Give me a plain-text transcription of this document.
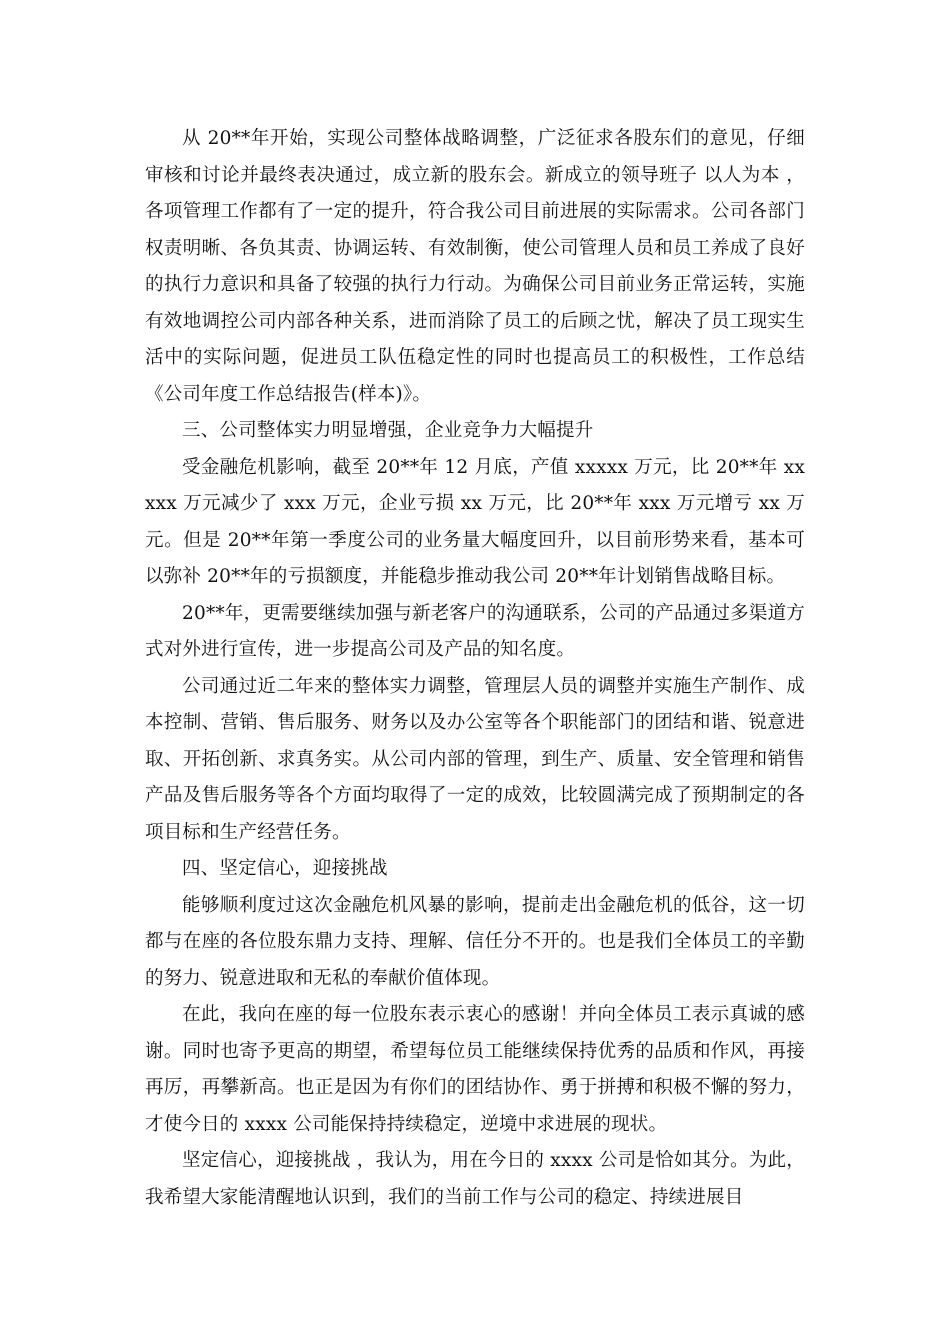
从 20**年开始，实现公司整体战略调整，广泛征求各股东们的意见，仔细审核和讨论并最终表决通过，成立新的股东会。新成立的领导班子 以人为本 ，各项管理工作都有了一定的提升，符合我公司目前进展的实际需求。公司各部门权责明晰、各负其责、协调运转、有效制衡，使公司管理人员和员工养成了良好的执行力意识和具备了较强的执行力行动。为确保公司目前业务正常运转，实施有效地调控公司内部各种关系，进而消除了员工的后顾之忧，解决了员工现实生活中的实际问题，促进员工队伍稳定性的同时也提高员工的积极性，工作总结《公司年度工作总结报告(样本)》。

三、公司整体实力明显增强，企业竞争力大幅提升

受金融危机影响，截至 20**年 12 月底，产值 xxxxx 万元，比 20**年 xxxxx 万元减少了 xxx 万元，企业亏损 xx 万元，比 20**年 xxx 万元增亏 xx 万元。但是 20**年第一季度公司的业务量大幅度回升，以目前形势来看，基本可以弥补 20**年的亏损额度，并能稳步推动我公司 20**年计划销售战略目标。

20**年，更需要继续加强与新老客户的沟通联系，公司的产品通过多渠道方式对外进行宣传，进一步提高公司及产品的知名度。

公司通过近二年来的整体实力调整，管理层人员的调整并实施生产制作、成本控制、营销、售后服务、财务以及办公室等各个职能部门的团结和谐、锐意进取、开拓创新、求真务实。从公司内部的管理，到生产、质量、安全管理和销售产品及售后服务等各个方面均取得了一定的成效，比较圆满完成了预期制定的各项目标和生产经营任务。

四、坚定信心，迎接挑战

能够顺利度过这次金融危机风暴的影响，提前走出金融危机的低谷，这一切都与在座的各位股东鼎力支持、理解、信任分不开的。也是我们全体员工的辛勤的努力、锐意进取和无私的奉献价值体现。

在此，我向在座的每一位股东表示衷心的感谢！并向全体员工表示真诚的感谢。同时也寄予更高的期望，希望每位员工能继续保持优秀的品质和作风，再接再厉，再攀新高。也正是因为有你们的团结协作、勇于拼搏和积极不懈的努力，才使今日的 xxxx 公司能保持持续稳定，逆境中求进展的现状。

坚定信心，迎接挑战 ，我认为，用在今日的 xxxx 公司是恰如其分。为此，我希望大家能清醒地认识到，我们的当前工作与公司的稳定、持续进展目
